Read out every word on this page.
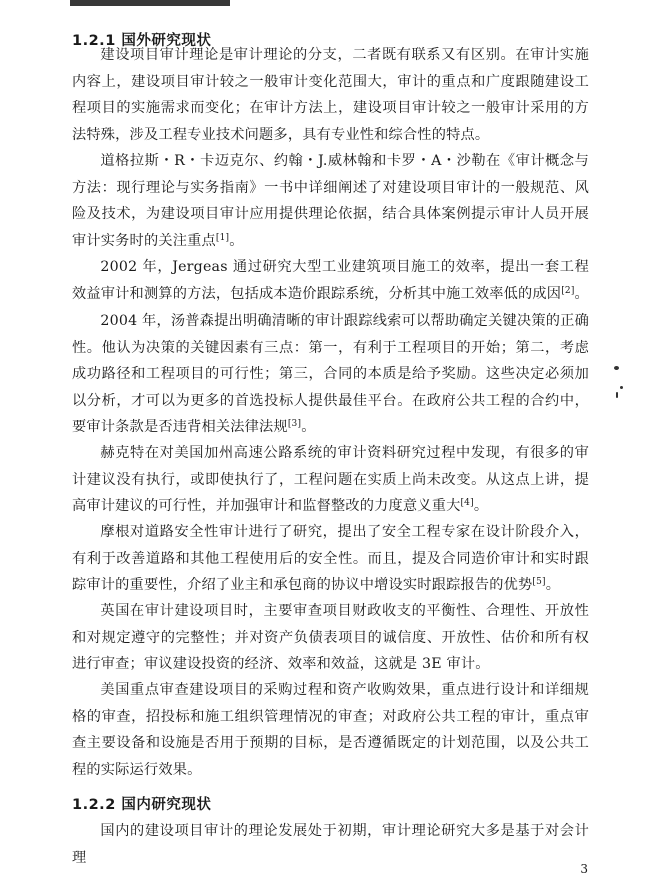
1.2.1 国外研究现状

建设项目审计理论是审计理论的分支，二者既有联系又有区别。在审计实施内容上，建设项目审计较之一般审计变化范围大，审计的重点和广度跟随建设工程项目的实施需求而变化；在审计方法上，建设项目审计较之一般审计采用的方法特殊，涉及工程专业技术问题多，具有专业性和综合性的特点。

道格拉斯・R・卡迈克尔、约翰・J.威林翰和卡罗・A・沙勒在《审计概念与方法：现行理论与实务指南》一书中详细阐述了对建设项目审计的一般规范、风险及技术，为建设项目审计应用提供理论依据，结合具体案例提示审计人员开展审计实务时的关注重点[1]。

2002 年，Jergeas 通过研究大型工业建筑项目施工的效率，提出一套工程效益审计和测算的方法，包括成本造价跟踪系统，分析其中施工效率低的成因[2]。

2004 年，汤普森提出明确清晰的审计跟踪线索可以帮助确定关键决策的正确性。他认为决策的关键因素有三点：第一，有利于工程项目的开始；第二，考虑成功路径和工程项目的可行性；第三，合同的本质是给予奖励。这些决定必须加以分析，才可以为更多的首选投标人提供最佳平台。在政府公共工程的合约中，要审计条款是否违背相关法律法规[3]。

赫克特在对美国加州高速公路系统的审计资料研究过程中发现，有很多的审计建议没有执行，或即使执行了，工程问题在实质上尚未改变。从这点上讲，提高审计建议的可行性，并加强审计和监督整改的力度意义重大[4]。

摩根对道路安全性审计进行了研究，提出了安全工程专家在设计阶段介入，有利于改善道路和其他工程使用后的安全性。而且，提及合同造价审计和实时跟踪审计的重要性，介绍了业主和承包商的协议中增设实时跟踪报告的优势[5]。

英国在审计建设项目时，主要审查项目财政收支的平衡性、合理性、开放性和对规定遵守的完整性；并对资产负债表项目的诚信度、开放性、估价和所有权进行审查；审议建设投资的经济、效率和效益，这就是 3E 审计。

美国重点审查建设项目的采购过程和资产收购效果，重点进行设计和详细规格的审查，招投标和施工组织管理情况的审查；对政府公共工程的审计，重点审查主要设备和设施是否用于预期的目标，是否遵循既定的计划范围，以及公共工程的实际运行效果。

1.2.2 国内研究现状

国内的建设项目审计的理论发展处于初期，审计理论研究大多是基于对会计理

3
